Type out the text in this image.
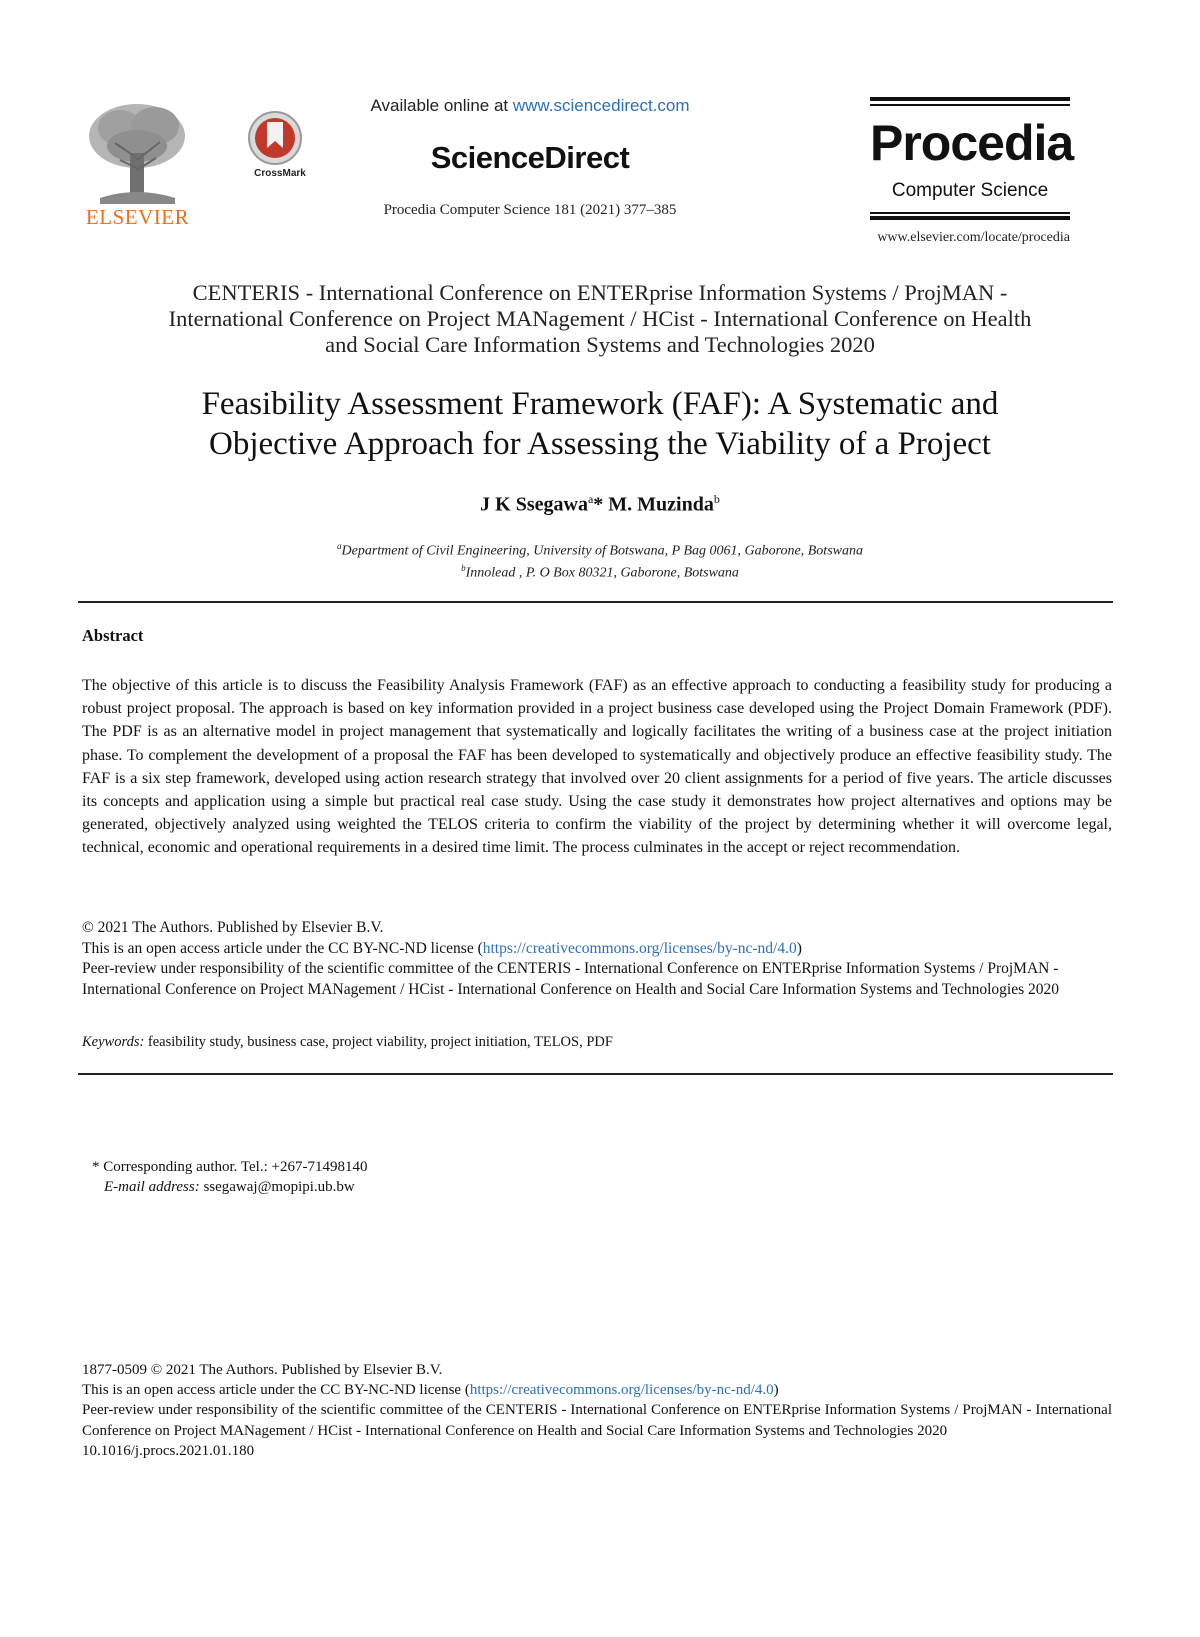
ELSEVIER
CrossMark
Available online at www.sciencedirect.com
ScienceDirect
Procedia Computer Science 181 (2021) 377–385
Procedia
Computer Science
www.elsevier.com/locate/procedia
CENTERIS - International Conference on ENTERprise Information Systems / ProjMAN -
International Conference on Project MANagement / HCist - International Conference on Health
and Social Care Information Systems and Technologies 2020
Feasibility Assessment Framework (FAF): A Systematic and
Objective Approach for Assessing the Viability of a Project
J K Ssegawa$^a$* M. Muzinda$^b$
$^a$Department of Civil Engineering, University of Botswana, P Bag 0061, Gaborone, Botswana
$^b$Innolead , P. O Box 80321, Gaborone, Botswana
Abstract
The objective of this article is to discuss the Feasibility Analysis Framework (FAF) as an effective approach to conducting a feasibility study for producing a robust project proposal. The approach is based on key information provided in a project business case developed using the Project Domain Framework (PDF). The PDF is as an alternative model in project management that systematically and logically facilitates the writing of a business case at the project initiation phase. To complement the development of a proposal the FAF has been developed to systematically and objectively produce an effective feasibility study. The FAF is a six step framework, developed using action research strategy that involved over 20 client assignments for a period of five years. The article discusses its concepts and application using a simple but practical real case study. Using the case study it demonstrates how project alternatives and options may be generated, objectively analyzed using weighted the TELOS criteria to confirm the viability of the project by determining whether it will overcome legal, technical, economic and operational requirements in a desired time limit. The process culminates in the accept or reject recommendation.
© 2021 The Authors. Published by Elsevier B.V.
This is an open access article under the CC BY-NC-ND license (https://creativecommons.org/licenses/by-nc-nd/4.0)
Peer-review under responsibility of the scientific committee of the CENTERIS - International Conference on ENTERprise Information Systems / ProjMAN - International Conference on Project MANagement / HCist - International Conference on Health and Social Care Information Systems and Technologies 2020
Keywords: feasibility study, business case, project viability, project initiation, TELOS, PDF
* Corresponding author. Tel.: +267-71498140
E-mail address: ssegawaj@mopipi.ub.bw
1877-0509 © 2021 The Authors. Published by Elsevier B.V.
This is an open access article under the CC BY-NC-ND license (https://creativecommons.org/licenses/by-nc-nd/4.0)
Peer-review under responsibility of the scientific committee of the CENTERIS - International Conference on ENTERprise Information Systems / ProjMAN - International Conference on Project MANagement / HCist - International Conference on Health and Social Care Information Systems and Technologies 2020
10.1016/j.procs.2021.01.180
